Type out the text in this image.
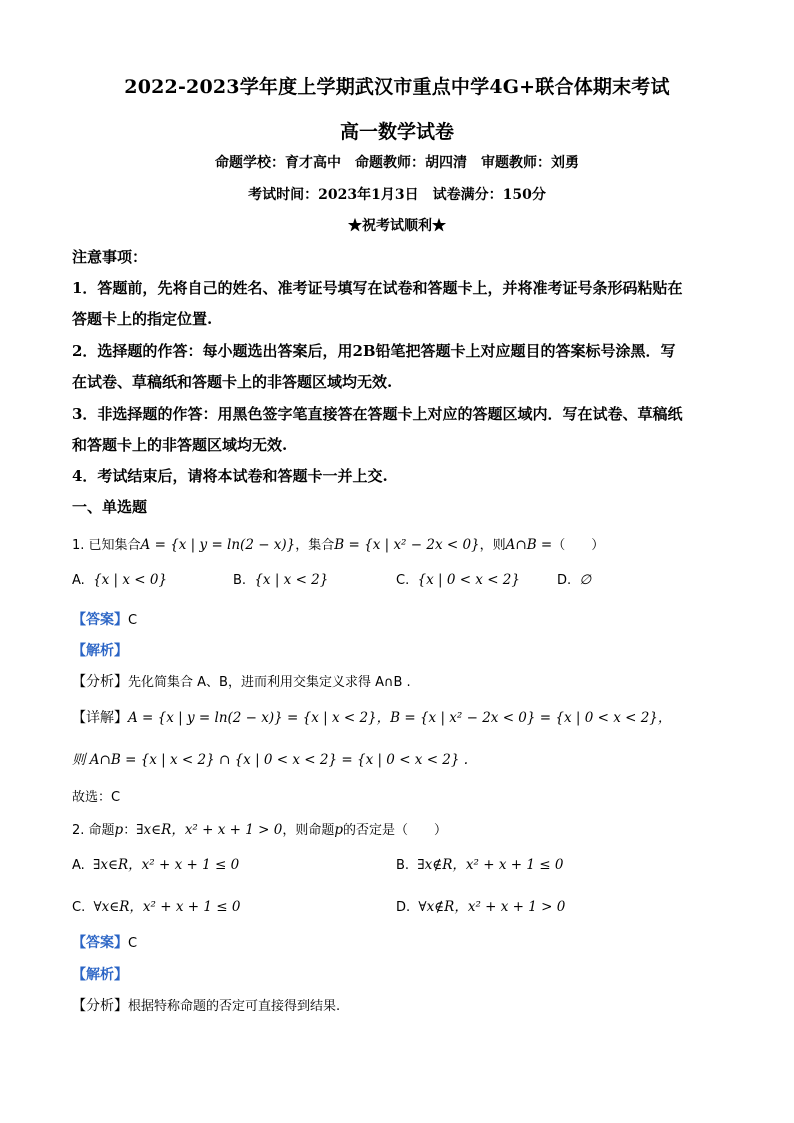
2022-2023学年度上学期武汉市重点中学4G+联合体期末考试
高一数学试卷
命题学校：育才高中　命题教师：胡四清　审题教师：刘勇
考试时间：2023年1月3日　试卷满分：150分
★祝考试顺利★
注意事项：
1．答题前，先将自己的姓名、准考证号填写在试卷和答题卡上，并将准考证号条形码粘贴在
答题卡上的指定位置.
2．选择题的作答：每小题选出答案后，用2B铅笔把答题卡上对应题目的答案标号涂黑．写
在试卷、草稿纸和答题卡上的非答题区域均无效.
3．非选择题的作答：用黑色签字笔直接答在答题卡上对应的答题区域内．写在试卷、草稿纸
和答题卡上的非答题区域均无效.
4．考试结束后，请将本试卷和答题卡一并上交.
一、单选题
1. 已知集合A = {x | y = ln(2 − x)}，集合B = {x | x² − 2x < 0}，则A∩B =（　　）
A. {x | x < 0}	B. {x | x < 2}	C. {x | 0 < x < 2}	D. ∅
【答案】C
【解析】
【分析】先化简集合 A、B，进而利用交集定义求得 A∩B .
【详解】A = {x | y = ln(2 − x)} = {x | x < 2}，B = {x | x² − 2x < 0} = {x | 0 < x < 2}，
则 A∩B = {x | x < 2} ∩ {x | 0 < x < 2} = {x | 0 < x < 2} .
故选：C
2. 命题p：∃x∈R，x² + x + 1 > 0，则命题p的否定是（　　）
A. ∃x∈R，x² + x + 1 ≤ 0	B. ∃x∉R，x² + x + 1 ≤ 0
C. ∀x∈R，x² + x + 1 ≤ 0	D. ∀x∉R，x² + x + 1 > 0
【答案】C
【解析】
【分析】根据特称命题的否定可直接得到结果.
